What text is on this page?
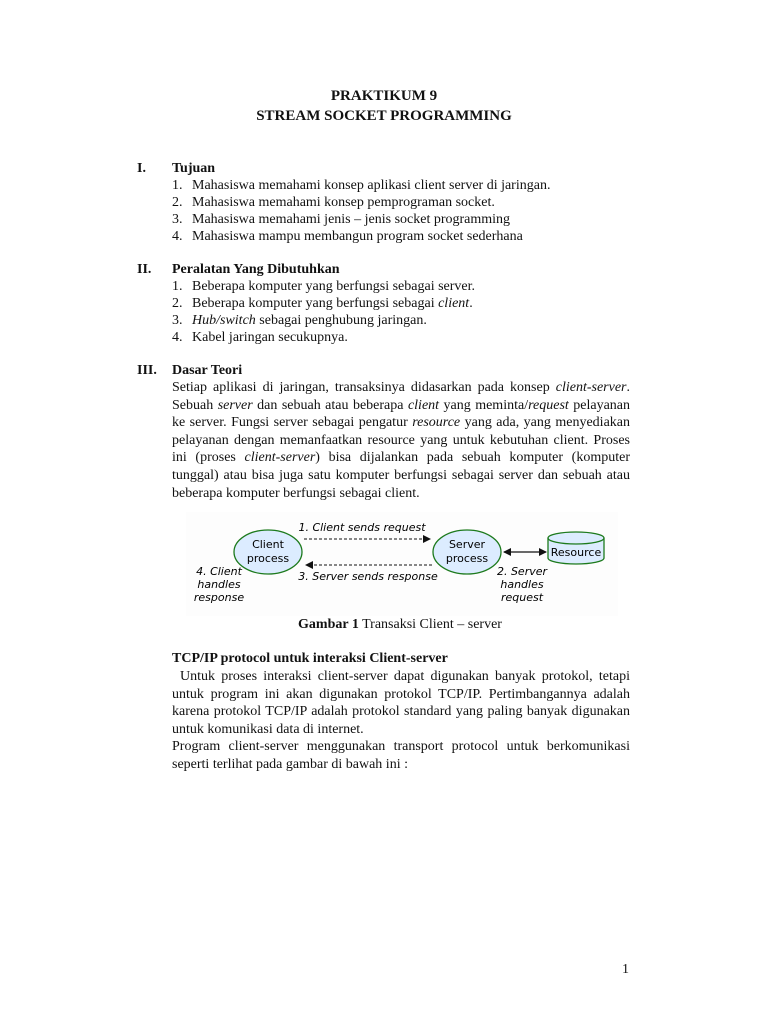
PRAKTIKUM 9
STREAM SOCKET PROGRAMMING
I. Tujuan
1. Mahasiswa memahami konsep aplikasi client server di jaringan.
2. Mahasiswa memahami konsep pemprograman socket.
3. Mahasiswa memahami jenis – jenis socket programming
4. Mahasiswa mampu membangun program socket sederhana
II. Peralatan Yang Dibutuhkan
1. Beberapa komputer yang berfungsi sebagai server.
2. Beberapa komputer yang berfungsi sebagai client.
3. Hub/switch sebagai penghubung jaringan.
4. Kabel jaringan secukupnya.
III. Dasar Teori
Setiap aplikasi di jaringan, transaksinya didasarkan pada konsep client-server.
Sebuah server dan sebuah atau beberapa client yang meminta/request pelayanan
ke server. Fungsi server sebagai pengatur resource yang ada, yang menyediakan
pelayanan dengan memanfaatkan resource yang untuk kebutuhan client. Proses
ini (proses client-server) bisa dijalankan pada sebuah komputer (komputer
tunggal) atau bisa juga satu komputer berfungsi sebagai server dan sebuah atau
beberapa komputer berfungsi sebagai client.
Client
process
Server
process	Resource
1. Client sends request
3. Server sends response
4. Client
handles
response
2. Server
handles
request
Gambar 1 Transaksi Client – server
TCP/IP protocol untuk interaksi Client-server
Untuk proses interaksi client-server dapat digunakan banyak protokol, tetapi
untuk program ini akan digunakan protokol TCP/IP. Pertimbangannya adalah
karena protokol TCP/IP adalah protokol standard yang paling banyak digunakan
untuk komunikasi data di internet.
Program client-server menggunakan transport protocol untuk berkomunikasi
seperti terlihat pada gambar di bawah ini :
1
